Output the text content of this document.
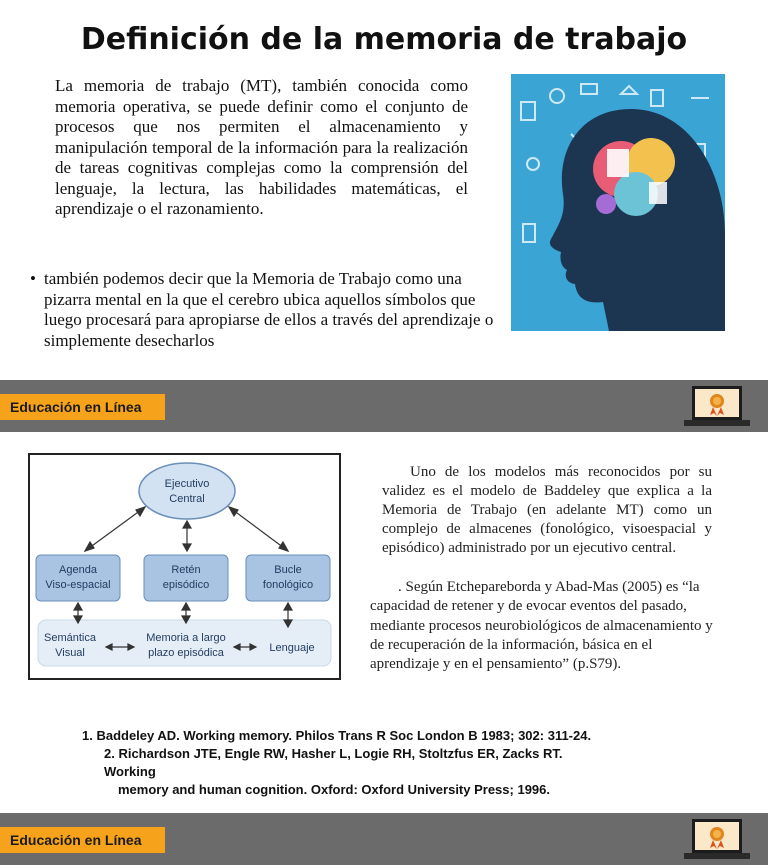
Definición de la memoria de trabajo

La memoria de trabajo (MT), también conocida como memoria operativa, se puede definir como el conjunto de procesos que nos permiten el almacenamiento y manipulación temporal de la información para la realización de tareas cognitivas complejas como la comprensión del lenguaje, la lectura, las habilidades matemáticas, el aprendizaje o el razonamiento.

• también podemos decir que la Memoria de Trabajo como una pizarra mental en la que el cerebro ubica aquellos símbolos que luego procesará para apropiarse de ellos a través del aprendizaje o simplemente desecharlos

Educación en Línea
Ejecutivo
Central
Agenda
Viso-espacial
Retén
episódico
Bucle
fonológico
Semántica
Visual
Memoria a largo
plazo episódica	Lenguaje

Uno de los modelos más reconocidos por su validez es el modelo de Baddeley que explica a la Memoria de Trabajo (en adelante MT) como un complejo de almacenes (fonológico, visoespacial y episódico) administrado por un ejecutivo central.

. Según Etchepareborda y Abad-Mas (2005) es “la capacidad de retener y de evocar eventos del pasado, mediante procesos neurobiológicos de almacenamiento y de recuperación de la información, básica en el aprendizaje y en el pensamiento” (p.S79).

1. Baddeley AD. Working memory. Philos Trans R Soc London B 1983; 302: 311-24.
2. Richardson JTE, Engle RW, Hasher L, Logie RH, Stoltzfus ER, Zacks RT. Working
memory and human cognition. Oxford: Oxford University Press; 1996.
Educación en Línea
